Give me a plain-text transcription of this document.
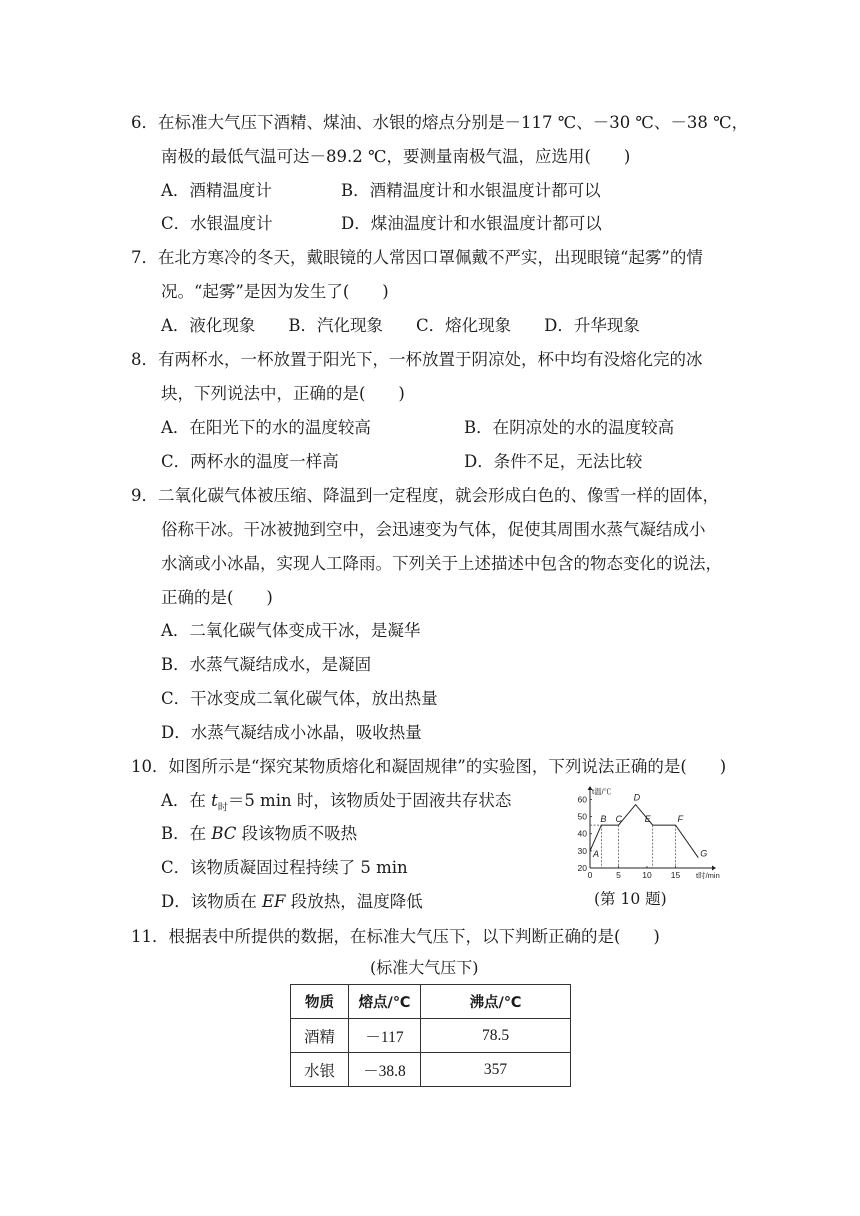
6．在标准大气压下酒精、煤油、水银的熔点分别是－117 ℃、－30 ℃、－38 ℃，
南极的最低气温可达－89.2 ℃，要测量南极气温，应选用(　　)
A．酒精温度计	B．酒精温度计和水银温度计都可以
C．水银温度计	D．煤油温度计和水银温度计都可以
7．在北方寒冷的冬天，戴眼镜的人常因口罩佩戴不严实，出现眼镜“起雾”的情
况。“起雾”是因为发生了(　　)
A．液化现象　　B．汽化现象　　C．熔化现象　　D．升华现象
8．有两杯水，一杯放置于阳光下，一杯放置于阴凉处，杯中均有没熔化完的冰
块，下列说法中，正确的是(　　)
A．在阳光下的水的温度较高	B．在阴凉处的水的温度较高
C．两杯水的温度一样高	D．条件不足，无法比较
9．二氧化碳气体被压缩、降温到一定程度，就会形成白色的、像雪一样的固体，
俗称干冰。干冰被抛到空中，会迅速变为气体，促使其周围水蒸气凝结成小
水滴或小冰晶，实现人工降雨。下列关于上述描述中包含的物态变化的说法，
正确的是(　　)
A．二氧化碳气体变成干冰，是凝华
B．水蒸气凝结成水，是凝固
C．干冰变成二氧化碳气体，放出热量
D．水蒸气凝结成小冰晶，吸收热量
10．如图所示是“探究某物质熔化和凝固规律”的实验图，下列说法正确的是(　　)
A．在 $t_时=5$ min 时，该物质处于固液共存状态
B．在 BC 段该物质不吸热
C．该物质凝固过程持续了 5 min
D．该物质在 EF 段放热，温度降低
20
30
40
50
60
0	5	10 15
t温/℃
t时/min
A
B C
D
E	F
G
(第 10 题)
11．根据表中所提供的数据，在标准大气压下，以下判断正确的是(　　)
(标准大气压下)
物质	熔点/℃	沸点/℃
酒精	－117	78.5
水银	－38.8	357
